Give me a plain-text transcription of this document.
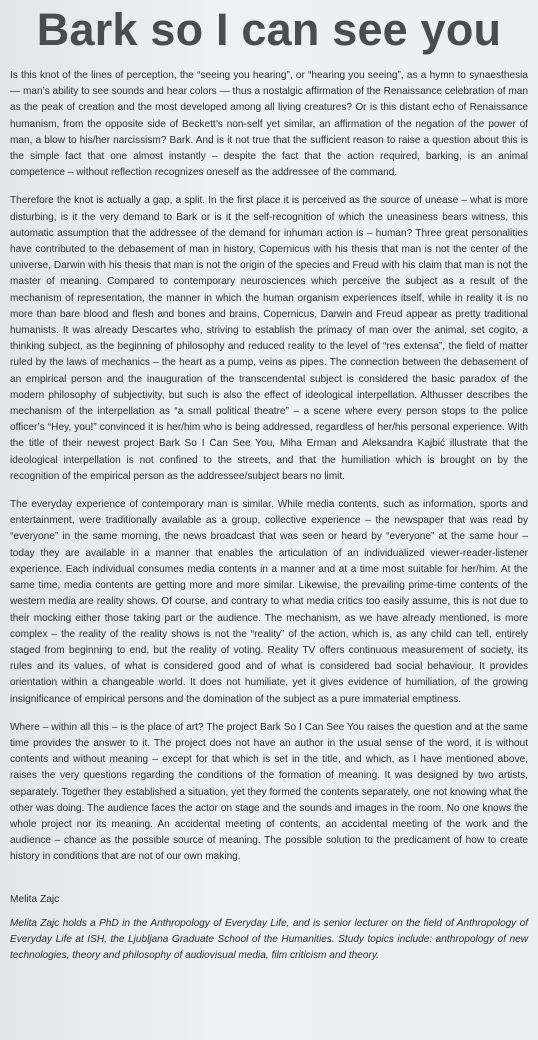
Bark so I can see you

Is this knot of the lines of perception, the “seeing you hearing”, or “hearing you seeing”, as a hymn to synaesthesia — man’s ability to see sounds and hear colors — thus a nostalgic affirmation of the Renaissance celebration of man as the peak of creation and the most developed among all living creatures? Or is this distant echo of Renaissance humanism, from the opposite side of Beckett’s non-self yet similar, an affirmation of the negation of the power of man, a blow to his/her narcissism? Bark. And is it not true that the sufficient reason to raise a question about this is the simple fact that one almost instantly – despite the fact that the action required, barking, is an animal competence – without reflection recognizes oneself as the addressee of the command.

Therefore the knot is actually a gap, a split. In the first place it is perceived as the source of unease – what is more disturbing, is it the very demand to Bark or is it the self-recognition of which the uneasiness bears witness, this automatic assumption that the addressee of the demand for inhuman action is – human? Three great personalities have contributed to the debasement of man in history, Copernicus with his thesis that man is not the center of the universe, Darwin with his thesis that man is not the origin of the species and Freud with his claim that man is not the master of meaning. Compared to contemporary neurosciences which perceive the subject as a result of the mechanism of representation, the manner in which the human organism experiences itself, while in reality it is no more than bare blood and flesh and bones and brains, Copernicus, Darwin and Freud appear as pretty traditional humanists. It was already Descartes who, striving to establish the primacy of man over the animal, set cogito, a thinking subject, as the beginning of philosophy and reduced reality to the level of “res extensa”, the field of matter ruled by the laws of mechanics – the heart as a pump, veins as pipes. The connection between the debasement of an empirical person and the inauguration of the transcendental subject is considered the basic paradox of the modern philosophy of subjectivity, but such is also the effect of ideological interpellation. Althusser describes the mechanism of the interpellation as “a small political theatre” – a scene where every person stops to the police officer’s “Hey, you!” convinced it is her/him who is being addressed, regardless of her/his personal experience. With the title of their newest project Bark So I Can See You, Miha Erman and Aleksandra Kajbić illustrate that the ideological interpellation is not confined to the streets, and that the humiliation which is brought on by the recognition of the empirical person as the addressee/subject bears no limit.

The everyday experience of contemporary man is similar. While media contents, such as information, sports and entertainment, were traditionally available as a group, collective experience – the newspaper that was read by “everyone” in the same morning, the news broadcast that was seen or heard by “everyone” at the same hour – today they are available in a manner that enables the articulation of an individualized viewer-reader-listener experience. Each individual consumes media contents in a manner and at a time most suitable for her/him. At the same time, media contents are getting more and more similar. Likewise, the prevailing prime-time contents of the western media are reality shows. Of course, and contrary to what media critics too easily assume, this is not due to their mocking either those taking part or the audience. The mechanism, as we have already mentioned, is more complex – the reality of the reality shows is not the “reality” of the action, which is, as any child can tell, entirely staged from beginning to end, but the reality of voting. Reality TV offers continuous measurement of society, its rules and its values, of what is considered good and of what is considered bad social behaviour. It provides orientation within a changeable world. It does not humiliate, yet it gives evidence of humiliation, of the growing insignificance of empirical persons and the domination of the subject as a pure immaterial emptiness.

Where – within all this – is the place of art? The project Bark So I Can See You raises the question and at the same time provides the answer to it. The project does not have an author in the usual sense of the word, it is without contents and without meaning – except for that which is set in the title, and which, as I have mentioned above, raises the very questions regarding the conditions of the formation of meaning. It was designed by two artists, separately. Together they established a situation, yet they formed the contents separately, one not knowing what the other was doing. The audience faces the actor on stage and the sounds and images in the room. No one knows the whole project nor its meaning. An accidental meeting of contents, an accidental meeting of the work and the audience – chance as the possible source of meaning. The possible solution to the predicament of how to create history in conditions that are not of our own making.

Melita Zajc

Melita Zajc holds a PhD in the Anthropology of Everyday Life, and is senior lecturer on the field of Anthropology of Everyday Life at ISH, the Ljubljana Graduate School of the Humanities. Study topics include: anthropology of new technologies, theory and philosophy of audiovisual media, film criticism and theory.
